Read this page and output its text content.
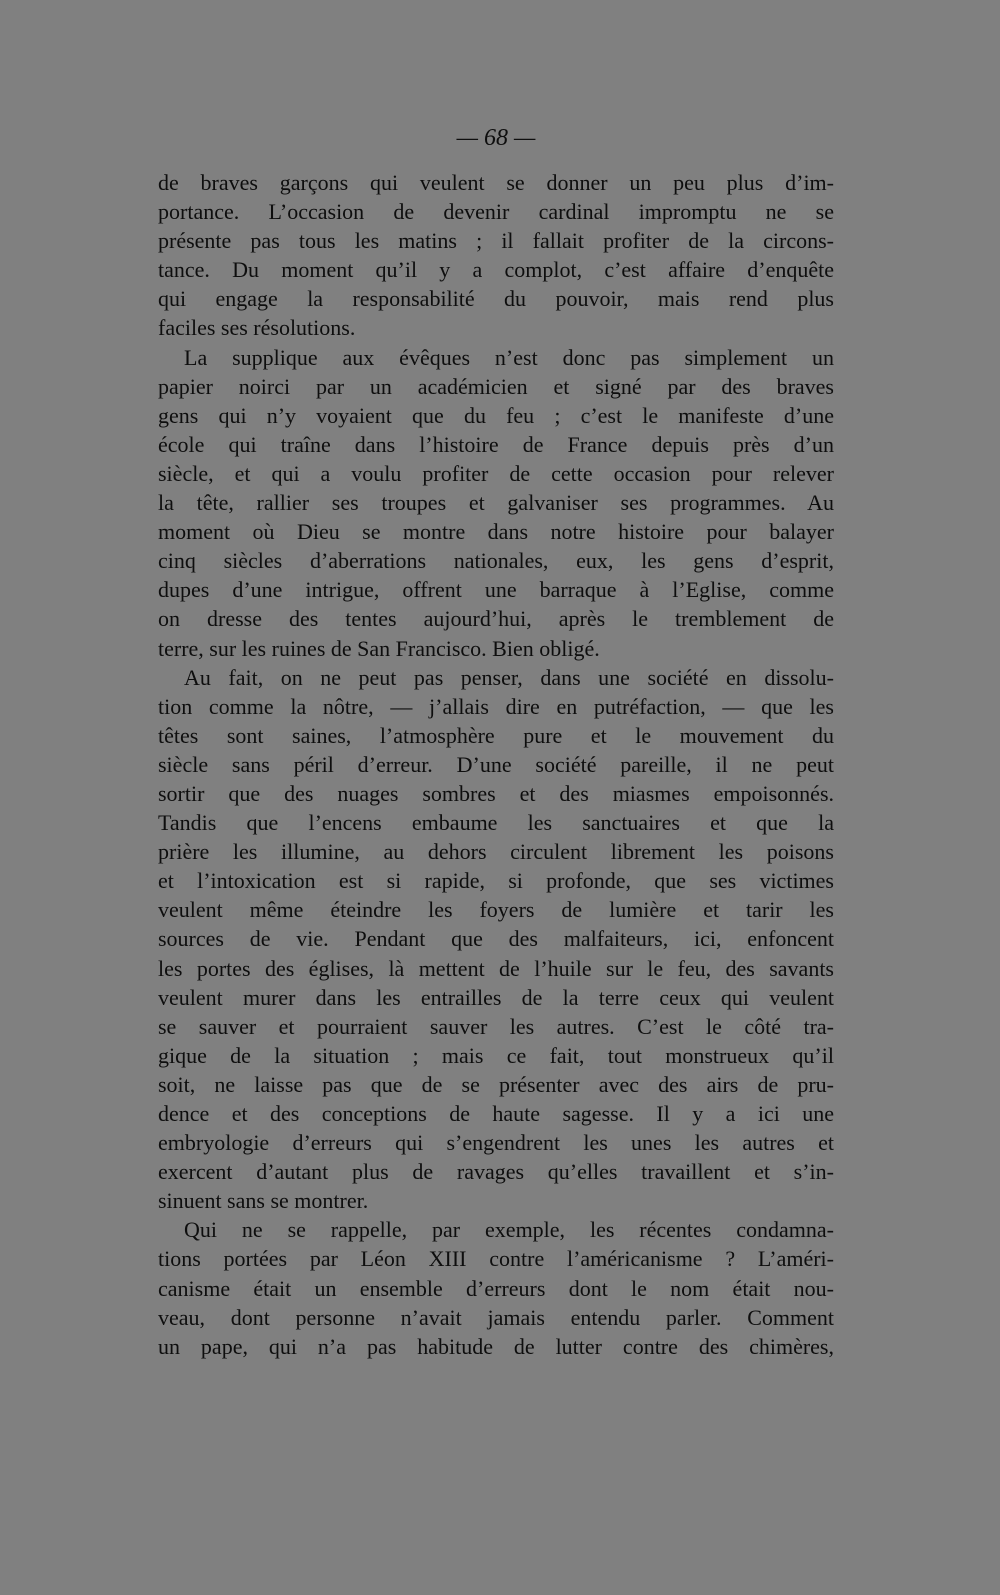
— 68 —
de braves garçons qui veulent se donner un peu plus d’im-
portance. L’occasion de devenir cardinal impromptu ne se
présente pas tous les matins ; il fallait profiter de la circons-
tance. Du moment qu’il y a complot, c’est affaire d’enquête
qui engage la responsabilité du pouvoir, mais rend plus
faciles ses résolutions.
La supplique aux évêques n’est donc pas simplement un
papier noirci par un académicien et signé par des braves
gens qui n’y voyaient que du feu ; c’est le manifeste d’une
école qui traîne dans l’histoire de France depuis près d’un
siècle, et qui a voulu profiter de cette occasion pour relever
la tête, rallier ses troupes et galvaniser ses programmes. Au
moment où Dieu se montre dans notre histoire pour balayer
cinq siècles d’aberrations nationales, eux, les gens d’esprit,
dupes d’une intrigue, offrent une barraque à l’Eglise, comme
on dresse des tentes aujourd’hui, après le tremblement de
terre, sur les ruines de San Francisco. Bien obligé.
Au fait, on ne peut pas penser, dans une société en dissolu-
tion comme la nôtre, — j’allais dire en putréfaction, — que les
têtes sont saines, l’atmosphère pure et le mouvement du
siècle sans péril d’erreur. D’une société pareille, il ne peut
sortir que des nuages sombres et des miasmes empoisonnés.
Tandis que l’encens embaume les sanctuaires et que la
prière les illumine, au dehors circulent librement les poisons
et l’intoxication est si rapide, si profonde, que ses victimes
veulent même éteindre les foyers de lumière et tarir les
sources de vie. Pendant que des malfaiteurs, ici, enfoncent
les portes des églises, là mettent de l’huile sur le feu, des savants
veulent murer dans les entrailles de la terre ceux qui veulent
se sauver et pourraient sauver les autres. C’est le côté tra-
gique de la situation ; mais ce fait, tout monstrueux qu’il
soit, ne laisse pas que de se présenter avec des airs de pru-
dence et des conceptions de haute sagesse. Il y a ici une
embryologie d’erreurs qui s’engendrent les unes les autres et
exercent d’autant plus de ravages qu’elles travaillent et s’in-
sinuent sans se montrer.
Qui ne se rappelle, par exemple, les récentes condamna-
tions portées par Léon XIII contre l’américanisme ? L’améri-
canisme était un ensemble d’erreurs dont le nom était nou-
veau, dont personne n’avait jamais entendu parler. Comment
un pape, qui n’a pas habitude de lutter contre des chimères,
